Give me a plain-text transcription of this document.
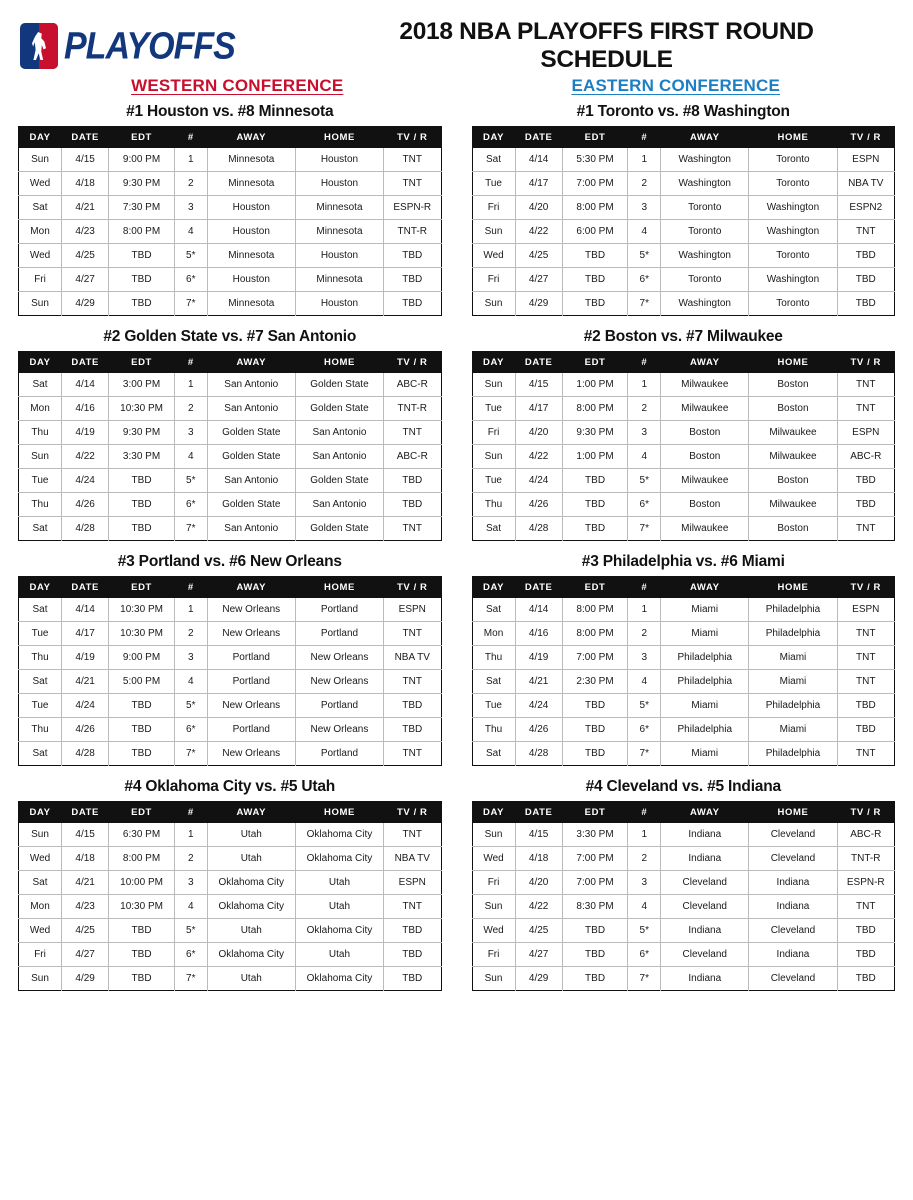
PLAYOFFS	2018 NBA PLAYOFFS FIRST ROUND SCHEDULE
WESTERN CONFERENCE	EASTERN CONFERENCE
#1 Houston vs. #8 Minnesota
DAY	DATE	EDT	#	AWAY	HOME	TV / R
Sun	4/15	9:00 PM	1	Minnesota	Houston	TNT
Wed	4/18	9:30 PM	2	Minnesota	Houston	TNT
Sat	4/21	7:30 PM	3	Houston	Minnesota	ESPN-R
Mon	4/23	8:00 PM	4	Houston	Minnesota	TNT-R
Wed	4/25	TBD	5*	Minnesota	Houston	TBD
Fri	4/27	TBD	6*	Houston	Minnesota	TBD
Sun	4/29	TBD	7*	Minnesota	Houston	TBD
#2 Golden State vs. #7 San Antonio
DAY	DATE	EDT	#	AWAY	HOME	TV / R
Sat	4/14	3:00 PM	1	San Antonio	Golden State	ABC-R
Mon	4/16	10:30 PM	2	San Antonio	Golden State	TNT-R
Thu	4/19	9:30 PM	3	Golden State	San Antonio	TNT
Sun	4/22	3:30 PM	4	Golden State	San Antonio	ABC-R
Tue	4/24	TBD	5*	San Antonio	Golden State	TBD
Thu	4/26	TBD	6*	Golden State	San Antonio	TBD
Sat	4/28	TBD	7*	San Antonio	Golden State	TNT
#3 Portland vs. #6 New Orleans
DAY	DATE	EDT	#	AWAY	HOME	TV / R
Sat	4/14	10:30 PM	1	New Orleans	Portland	ESPN
Tue	4/17	10:30 PM	2	New Orleans	Portland	TNT
Thu	4/19	9:00 PM	3	Portland	New Orleans	NBA TV
Sat	4/21	5:00 PM	4	Portland	New Orleans	TNT
Tue	4/24	TBD	5*	New Orleans	Portland	TBD
Thu	4/26	TBD	6*	Portland	New Orleans	TBD
Sat	4/28	TBD	7*	New Orleans	Portland	TNT
#4 Oklahoma City vs. #5 Utah
DAY	DATE	EDT	#	AWAY	HOME	TV / R
Sun	4/15	6:30 PM	1	Utah	Oklahoma City	TNT
Wed	4/18	8:00 PM	2	Utah	Oklahoma City	NBA TV
Sat	4/21	10:00 PM	3	Oklahoma City	Utah	ESPN
Mon	4/23	10:30 PM	4	Oklahoma City	Utah	TNT
Wed	4/25	TBD	5*	Utah	Oklahoma City	TBD
Fri	4/27	TBD	6*	Oklahoma City	Utah	TBD
Sun	4/29	TBD	7*	Utah	Oklahoma City	TBD
#1 Toronto vs. #8 Washington
DAY	DATE	EDT	#	AWAY	HOME	TV / R
Sat	4/14	5:30 PM	1	Washington	Toronto	ESPN
Tue	4/17	7:00 PM	2	Washington	Toronto	NBA TV
Fri	4/20	8:00 PM	3	Toronto	Washington	ESPN2
Sun	4/22	6:00 PM	4	Toronto	Washington	TNT
Wed	4/25	TBD	5*	Washington	Toronto	TBD
Fri	4/27	TBD	6*	Toronto	Washington	TBD
Sun	4/29	TBD	7*	Washington	Toronto	TBD
#2 Boston vs. #7 Milwaukee
DAY	DATE	EDT	#	AWAY	HOME	TV / R
Sun	4/15	1:00 PM	1	Milwaukee	Boston	TNT
Tue	4/17	8:00 PM	2	Milwaukee	Boston	TNT
Fri	4/20	9:30 PM	3	Boston	Milwaukee	ESPN
Sun	4/22	1:00 PM	4	Boston	Milwaukee	ABC-R
Tue	4/24	TBD	5*	Milwaukee	Boston	TBD
Thu	4/26	TBD	6*	Boston	Milwaukee	TBD
Sat	4/28	TBD	7*	Milwaukee	Boston	TNT
#3 Philadelphia vs. #6 Miami
DAY	DATE	EDT	#	AWAY	HOME	TV / R
Sat	4/14	8:00 PM	1	Miami	Philadelphia	ESPN
Mon	4/16	8:00 PM	2	Miami	Philadelphia	TNT
Thu	4/19	7:00 PM	3	Philadelphia	Miami	TNT
Sat	4/21	2:30 PM	4	Philadelphia	Miami	TNT
Tue	4/24	TBD	5*	Miami	Philadelphia	TBD
Thu	4/26	TBD	6*	Philadelphia	Miami	TBD
Sat	4/28	TBD	7*	Miami	Philadelphia	TNT
#4 Cleveland vs. #5 Indiana
DAY	DATE	EDT	#	AWAY	HOME	TV / R
Sun	4/15	3:30 PM	1	Indiana	Cleveland	ABC-R
Wed	4/18	7:00 PM	2	Indiana	Cleveland	TNT-R
Fri	4/20	7:00 PM	3	Cleveland	Indiana	ESPN-R
Sun	4/22	8:30 PM	4	Cleveland	Indiana	TNT
Wed	4/25	TBD	5*	Indiana	Cleveland	TBD
Fri	4/27	TBD	6*	Cleveland	Indiana	TBD
Sun	4/29	TBD	7*	Indiana	Cleveland	TBD
